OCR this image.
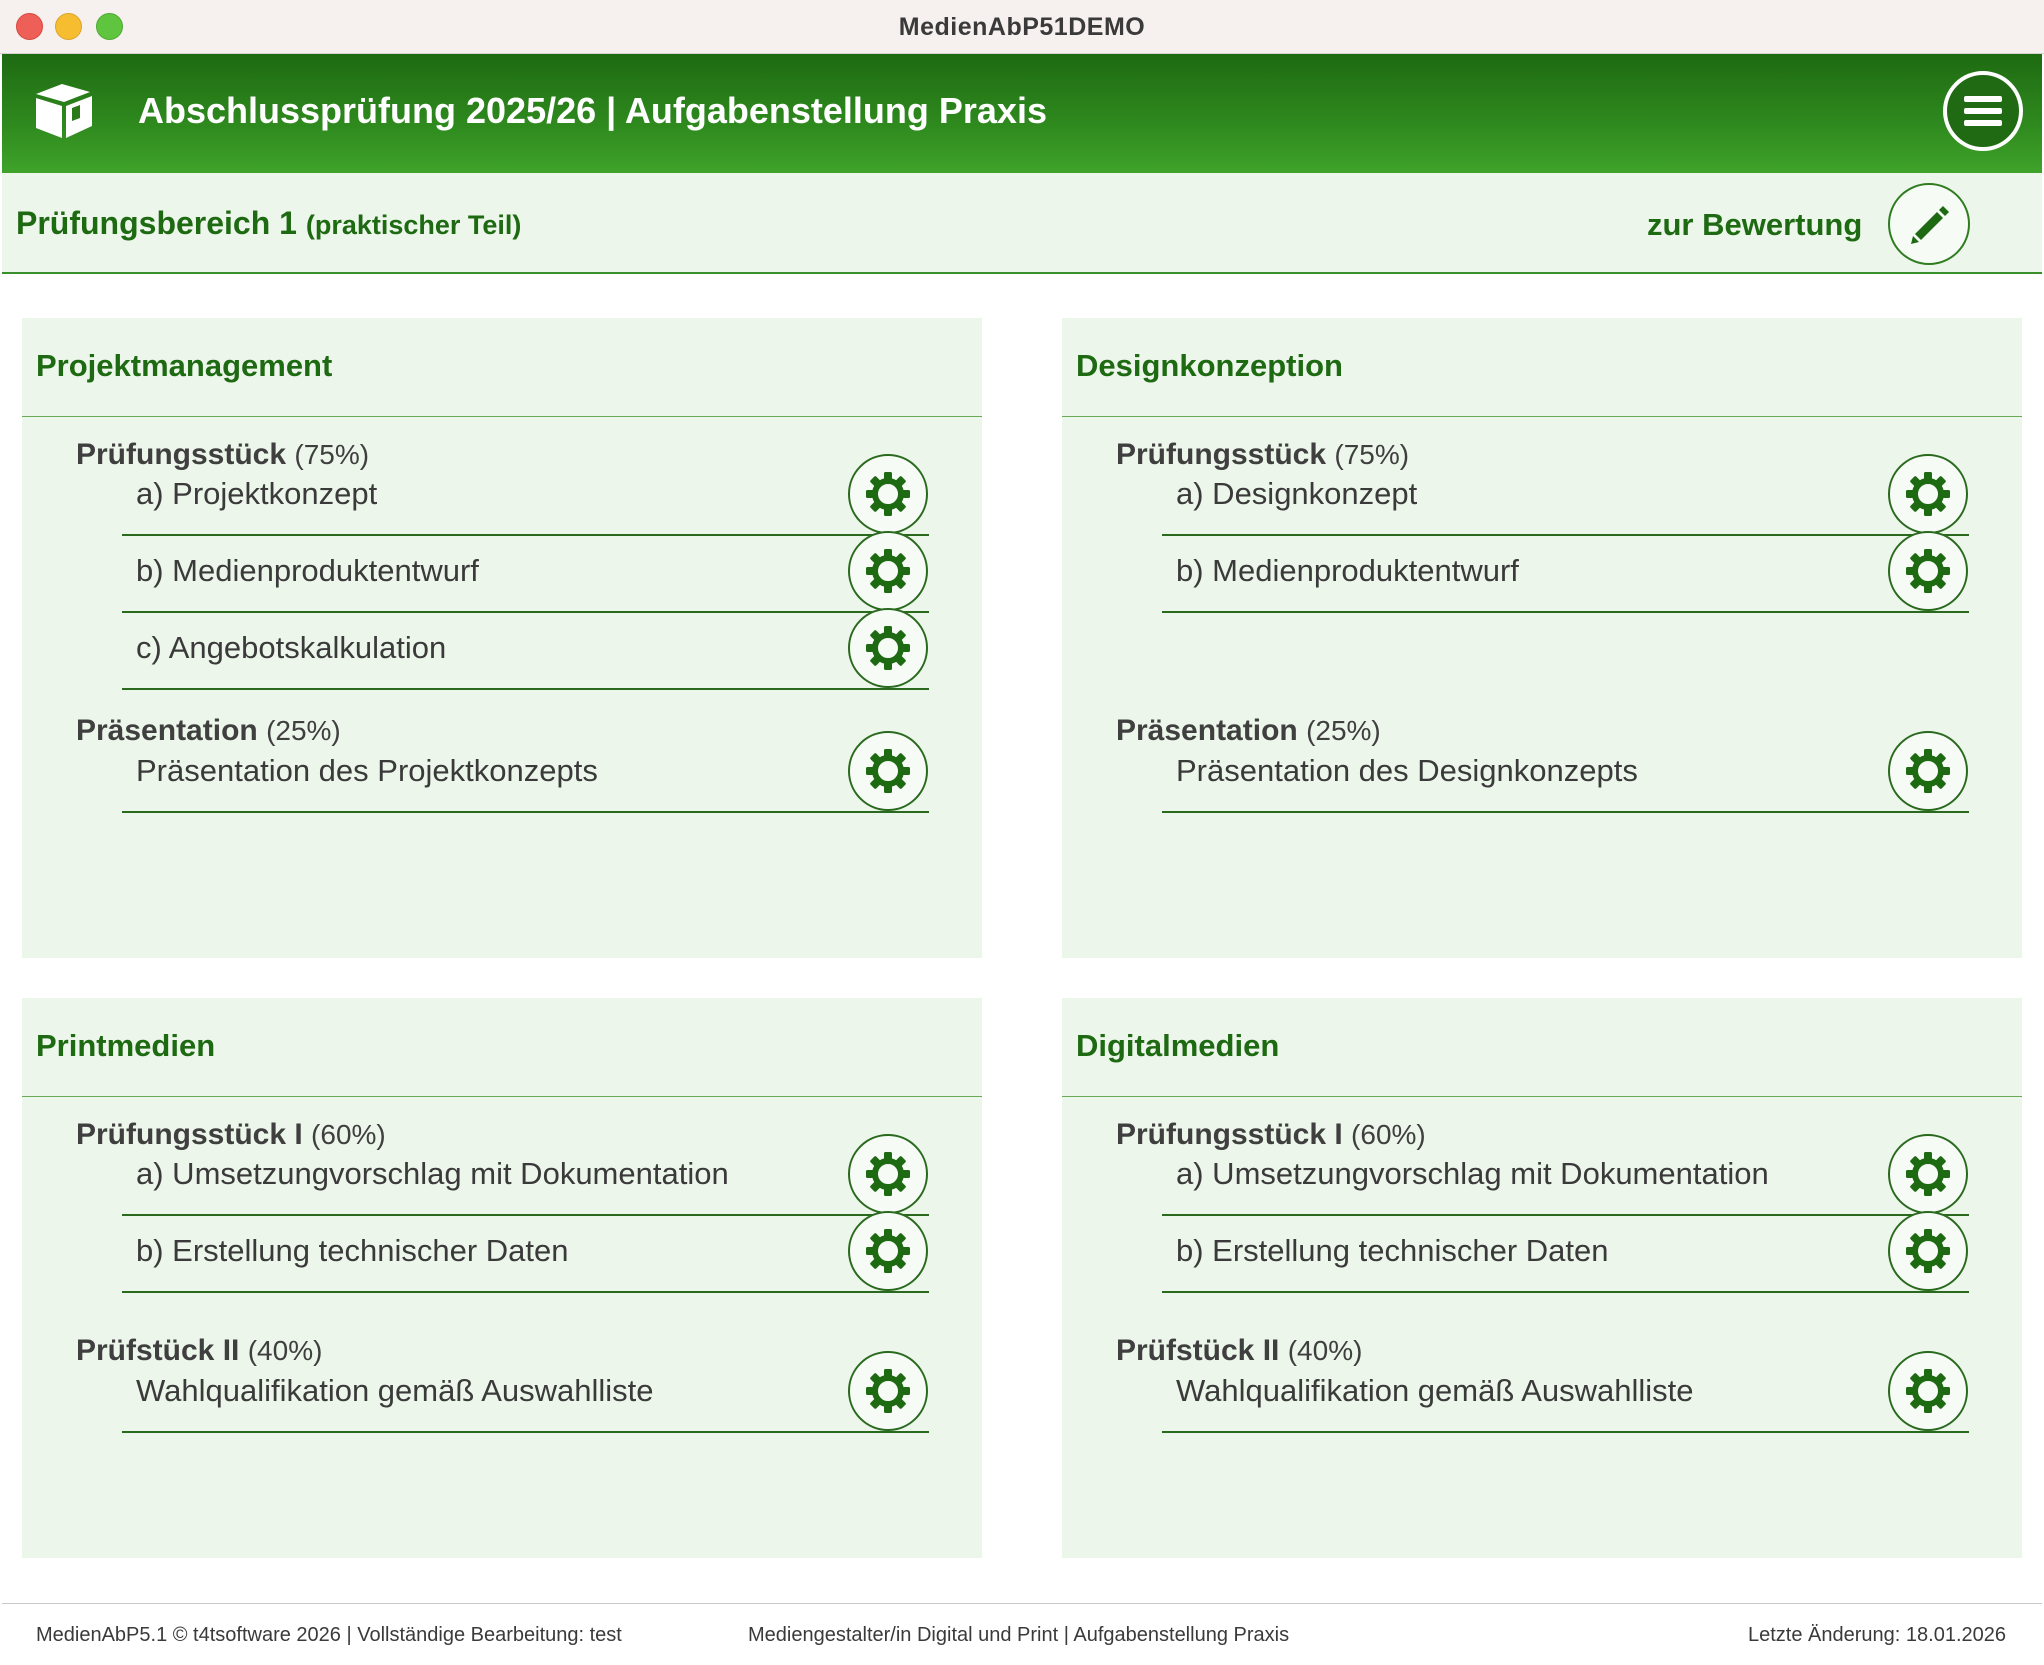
MedienAbP51DEMO
Abschlussprüfung 2025/26 | Aufgabenstellung Praxis
Prüfungsbereich 1 (praktischer Teil)	zur Bewertung
Projektmanagement
Prüfungsstück (75%)
a) Projektkonzept
b) Medienproduktentwurf
c) Angebotskalkulation
Präsentation (25%)
Präsentation des Projektkonzepts
Designkonzeption
Prüfungsstück (75%)
a) Designkonzept
b) Medienproduktentwurf
Präsentation (25%)
Präsentation des Designkonzepts
Printmedien
Prüfungsstück I (60%)
a) Umsetzungvorschlag mit Dokumentation
b) Erstellung technischer Daten
Prüfstück II (40%)
Wahlqualifikation gemäß Auswahlliste
Digitalmedien
Prüfungsstück I (60%)
a) Umsetzungvorschlag mit Dokumentation
b) Erstellung technischer Daten
Prüfstück II (40%)
Wahlqualifikation gemäß Auswahlliste
MedienAbP5.1 © t4tsoftware 2026 | Vollständige Bearbeitung: test	Mediengestalter/in Digital und Print | Aufgabenstellung Praxis	Letzte Änderung: 18.01.2026
